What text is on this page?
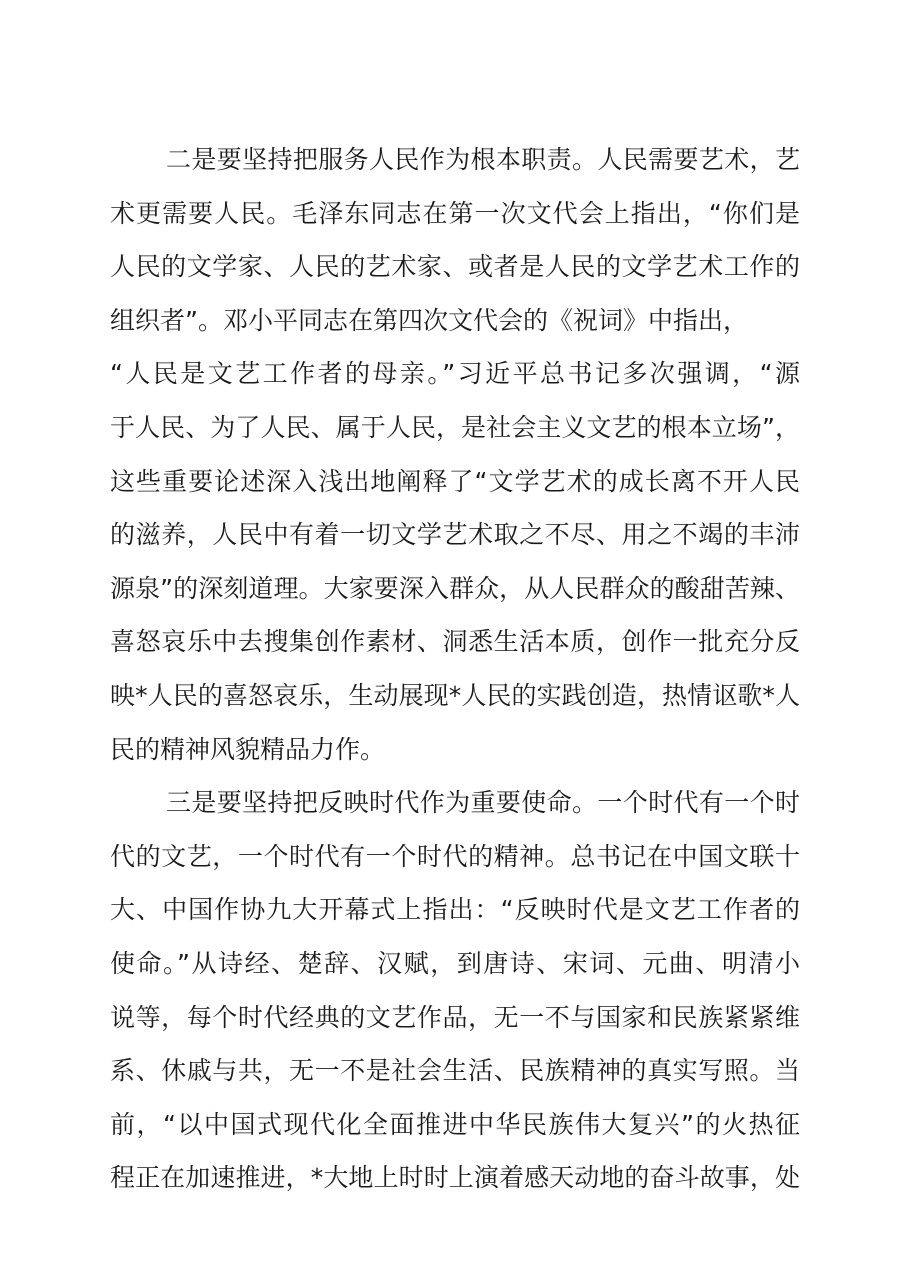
二是要坚持把服务人民作为根本职责。人民需要艺术，艺
术更需要人民。毛泽东同志在第一次文代会上指出，“你们是
人民的文学家、人民的艺术家、或者是人民的文学艺术工作的
组织者”。邓小平同志在第四次文代会的《祝词》中指出，
“人民是文艺工作者的母亲。”习近平总书记多次强调，“源
于人民、为了人民、属于人民，是社会主义文艺的根本立场”，
这些重要论述深入浅出地阐释了“文学艺术的成长离不开人民
的滋养，人民中有着一切文学艺术取之不尽、用之不竭的丰沛
源泉”的深刻道理。大家要深入群众，从人民群众的酸甜苦辣、
喜怒哀乐中去搜集创作素材、洞悉生活本质，创作一批充分反
映*人民的喜怒哀乐，生动展现*人民的实践创造，热情讴歌*人
民的精神风貌精品力作。
三是要坚持把反映时代作为重要使命。一个时代有一个时
代的文艺，一个时代有一个时代的精神。总书记在中国文联十
大、中国作协九大开幕式上指出：“反映时代是文艺工作者的
使命。”从诗经、楚辞、汉赋，到唐诗、宋词、元曲、明清小
说等，每个时代经典的文艺作品，无一不与国家和民族紧紧维
系、休戚与共，无一不是社会生活、民族精神的真实写照。当
前，“以中国式现代化全面推进中华民族伟大复兴”的火热征
程正在加速推进，*大地上时时上演着感天动地的奋斗故事，处
